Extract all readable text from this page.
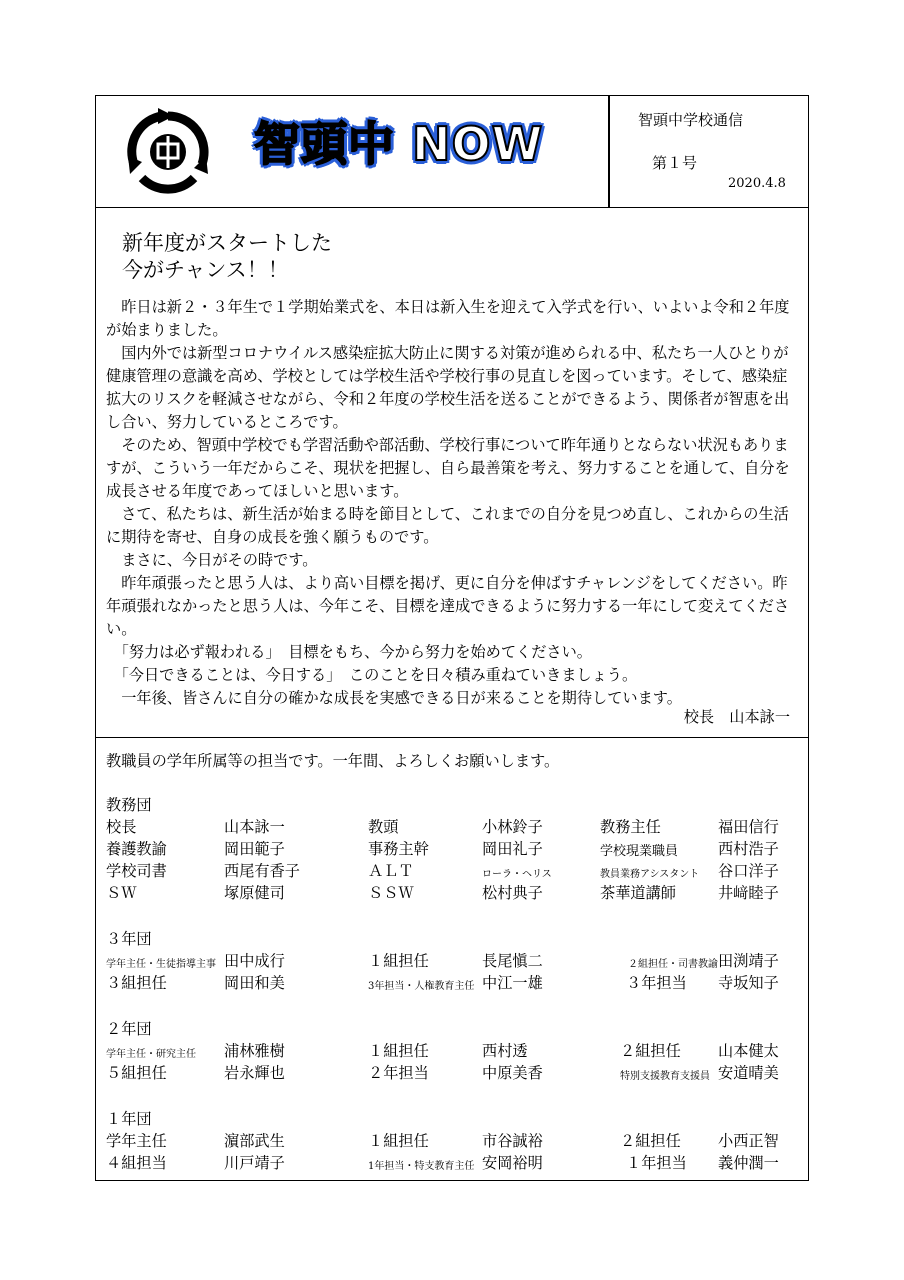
智頭中 NOW	智頭中学校通信
第１号
2020.4.8
新年度がスタートした
今がチャンス！！

　昨日は新２・３年生で１学期始業式を、本日は新入生を迎えて入学式を行い、いよいよ令和２年度が始まりました。

　国内外では新型コロナウイルス感染症拡大防止に関する対策が進められる中、私たち一人ひとりが健康管理の意識を高め、学校としては学校生活や学校行事の見直しを図っています。そして、感染症拡大のリスクを軽減させながら、令和２年度の学校生活を送ることができるよう、関係者が智恵を出し合い、努力しているところです。

　そのため、智頭中学校でも学習活動や部活動、学校行事について昨年通りとならない状況もありますが、こういう一年だからこそ、現状を把握し、自ら最善策を考え、努力することを通して、自分を成長させる年度であってほしいと思います。

　さて、私たちは、新生活が始まる時を節目として、これまでの自分を見つめ直し、これからの生活に期待を寄せ、自身の成長を強く願うものです。

　まさに、今日がその時です。

　昨年頑張ったと思う人は、より高い目標を掲げ、更に自分を伸ばすチャレンジをしてください。昨年頑張れなかったと思う人は、今年こそ、目標を達成できるように努力する一年にして変えてください。

　「努力は必ず報われる」　目標をもち、今から努力を始めてください。

　「今日できることは、今日する」　このことを日々積み重ねていきましょう。

　一年後、皆さんに自分の確かな成長を実感できる日が来ることを期待しています。

校長　山本詠一
教職員の学年所属等の担当です。一年間、よろしくお願いします。
教務団
校長	山本詠一	教頭	小林鈴子	教務主任	福田信行
養護教諭	岡田範子	事務主幹	岡田礼子	学校現業職員	西村浩子
学校司書	西尾有香子	ＡＬＴ	ローラ・ヘリス	教員業務アシスタント 谷口洋子
ＳＷ	塚原健司	ＳＳＷ	松村典子	茶華道講師	井﨑睦子
３年団
学年主任・生徒指導主事 田中成行	１組担任	長尾愼二	２組担任・司書教諭 田渕靖子
３組担任	岡田和美	3年担当・人権教育主任 中江一雄	３年担当 寺坂知子
２年団
学年主任・研究主任 浦林雅樹	１組担任	西村透	２組担任 山本健太
５組担任	岩永輝也	２年担当	中原美香	特別支援教育支援員 安道晴美
１年団
学年主任	濵部武生	１組担任	市谷誠裕	２組担任 小西正智
４組担当	川戸靖子	1年担当・特支教育主任 安岡裕明	１年担当 義仲潤一
